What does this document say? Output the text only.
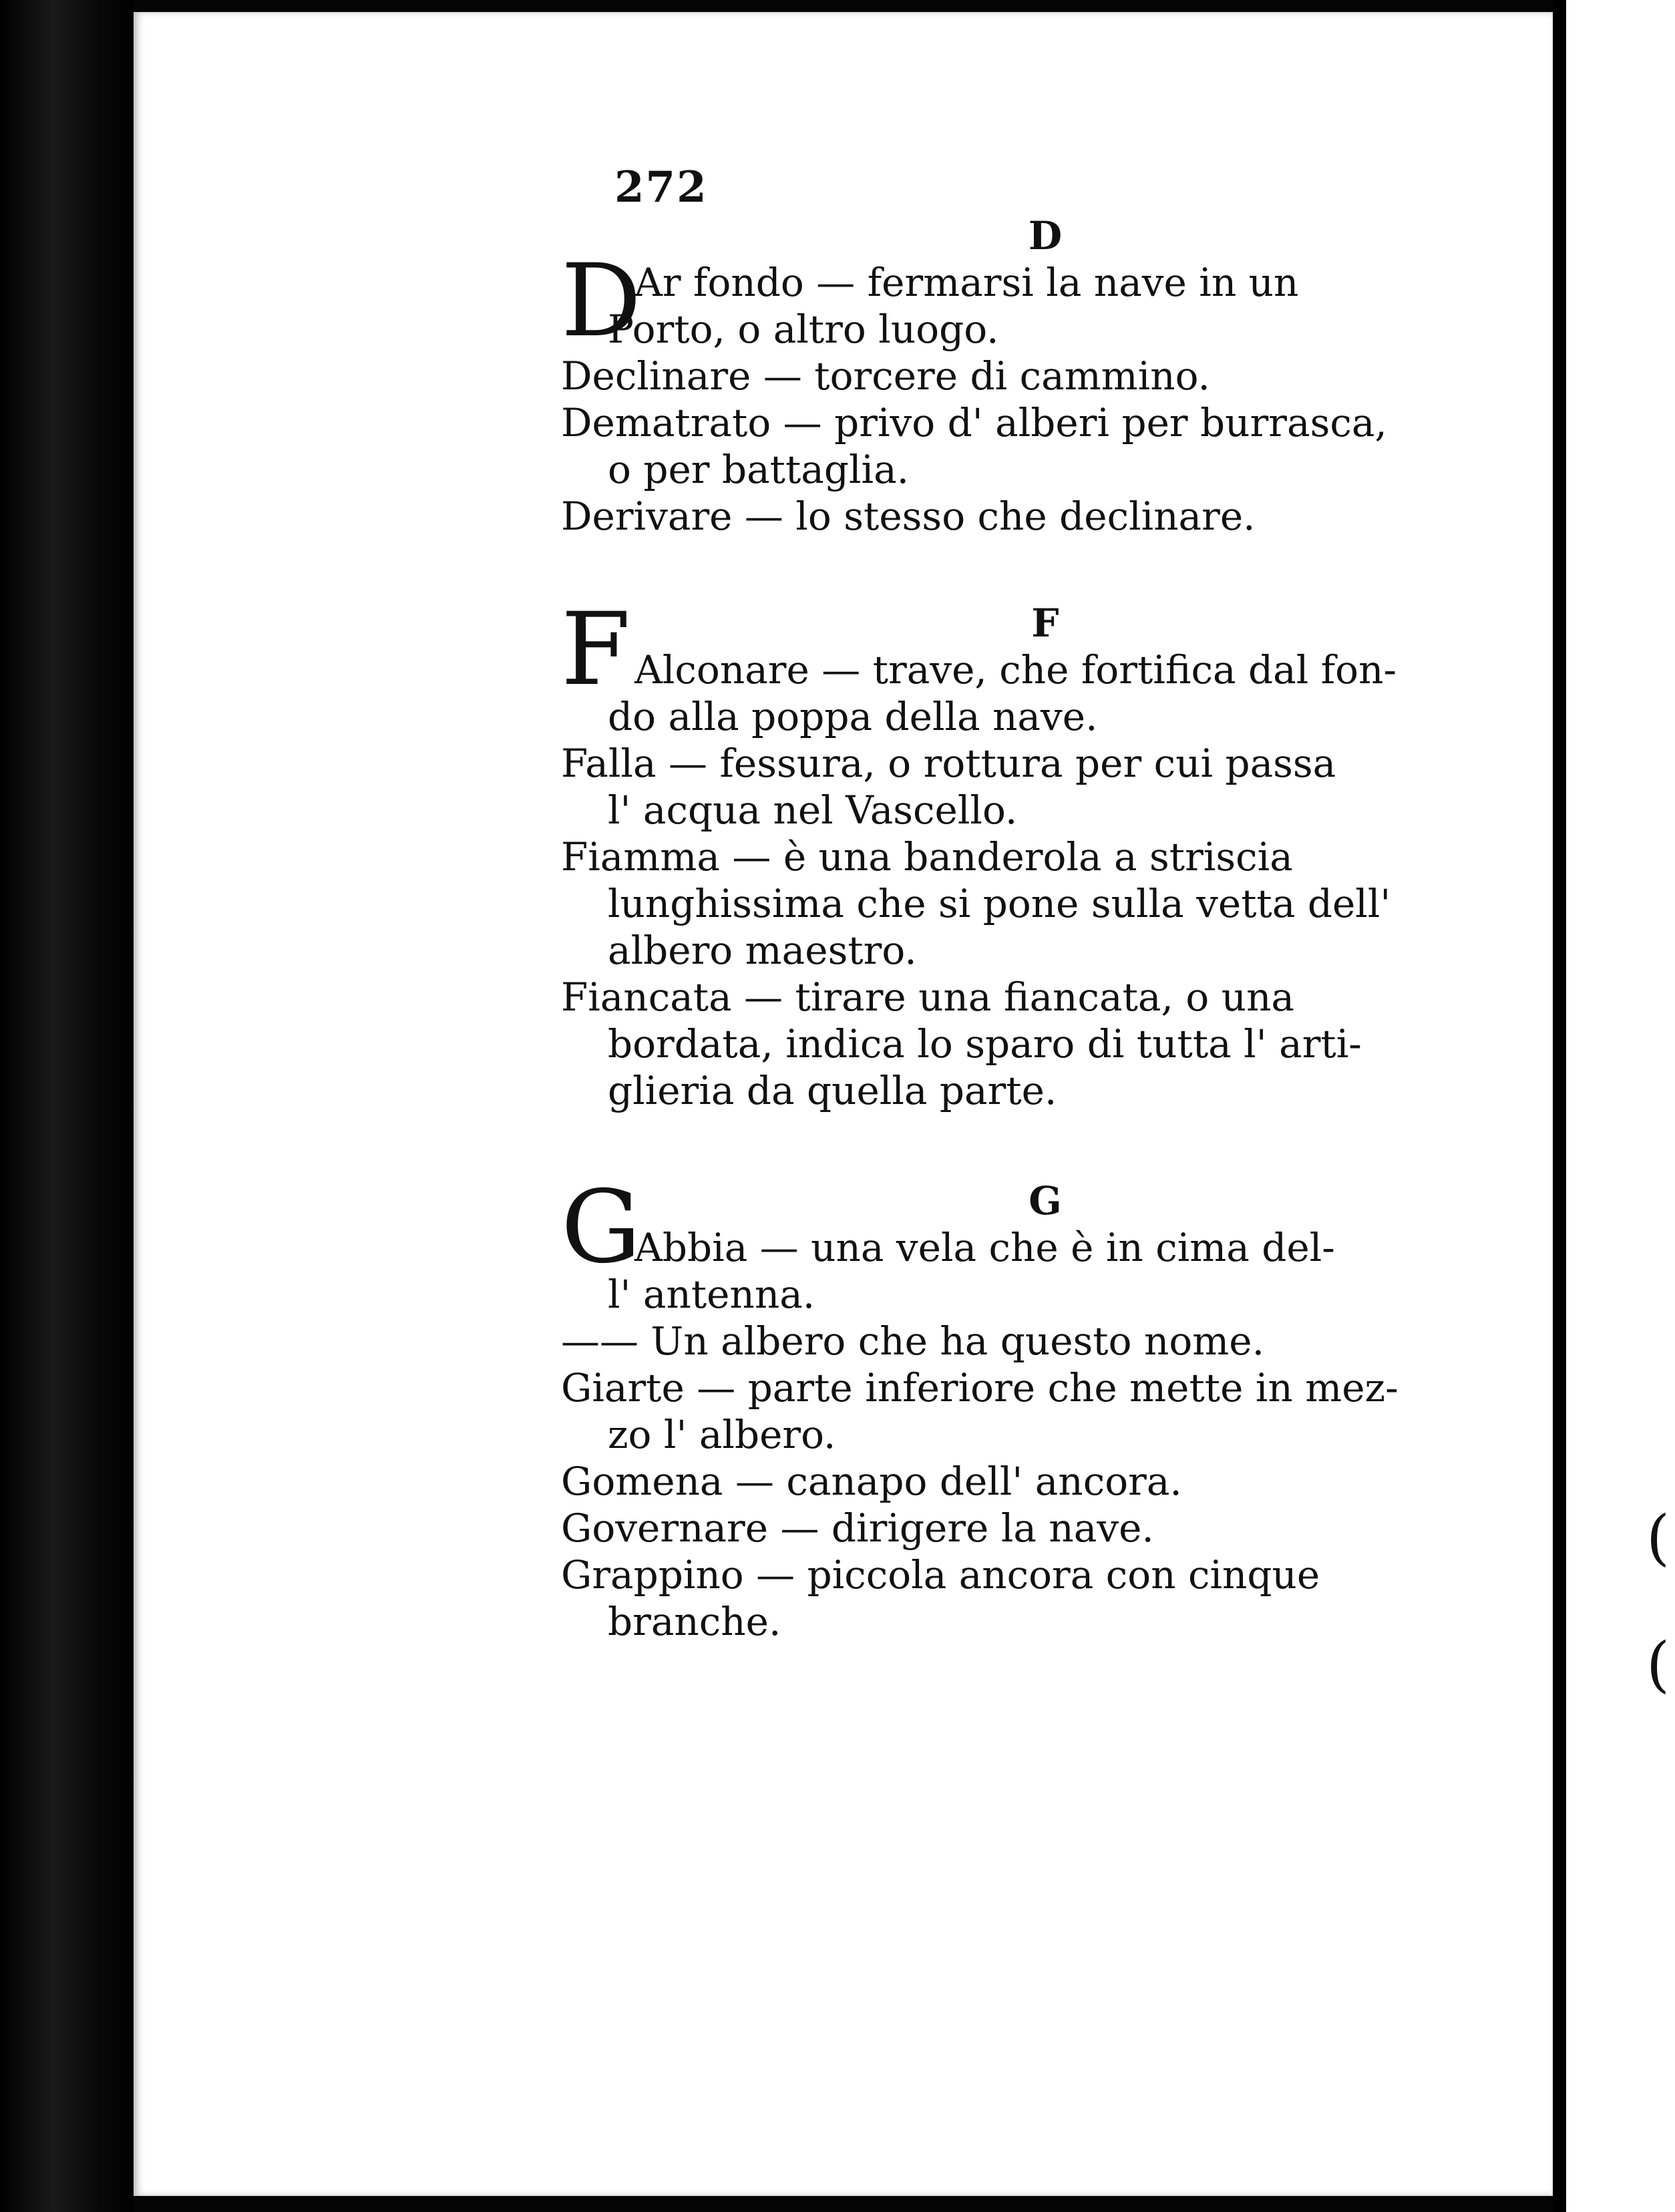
(
(
272
D
D
Ar fondo — fermarsi la nave in un
Porto, o altro luogo.
Declinare — torcere di cammino.
Dematrato — privo d' alberi per burrasca,
o per battaglia.
Derivare — lo stesso che declinare.
F
F Alconare — trave, che fortifica dal fon-
do alla poppa della nave.
Falla — fessura, o rottura per cui passa
l' acqua nel Vascello.
Fiamma — è una banderola a striscia
lunghissima che si pone sulla vetta dell'
albero maestro.
Fiancata — tirare una fiancata, o una
bordata, indica lo sparo di tutta l' arti-
glieria da quella parte.
G
G
Abbia — una vela che è in cima del-
l' antenna.
—— Un albero che ha questo nome.
Giarte — parte inferiore che mette in mez-
zo l' albero.
Gomena — canapo dell' ancora.
Governare — dirigere la nave.
Grappino — piccola ancora con cinque
branche.
